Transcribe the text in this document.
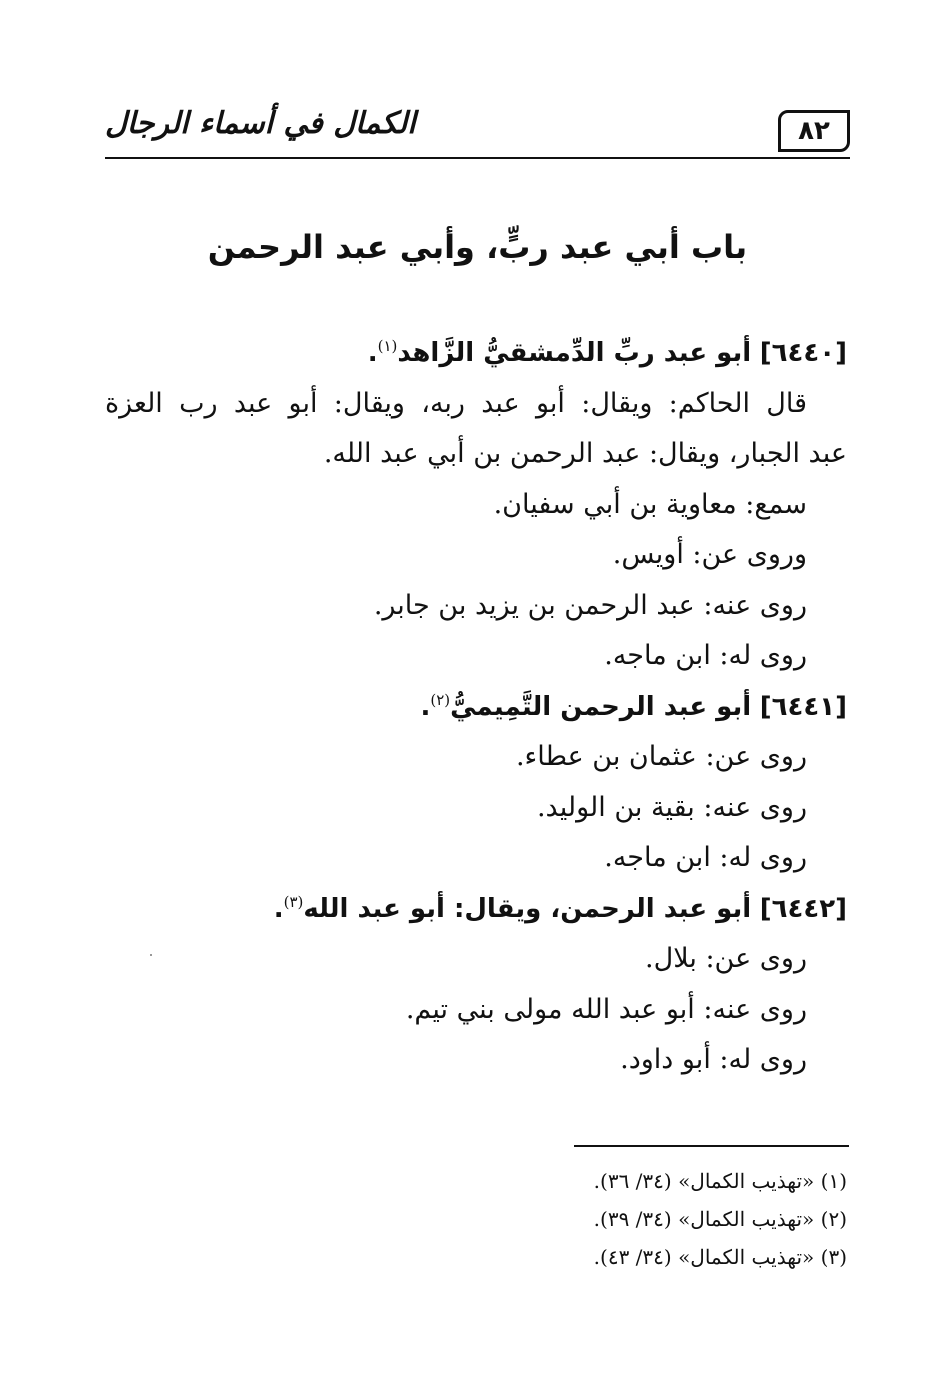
٨٢
الكمال في أسماء الرجال
باب أبي عبد ربٍّ، وأبي عبد الرحمن
[٦٤٤٠] أبو عبد ربِّ الدِّمشقيُّ الزَّاهد$^{(١)}$.
قال الحاكم: ويقال: أبو عبد ربه، ويقال: أبو عبد رب العزة
عبد الجبار، ويقال: عبد الرحمن بن أبي عبد الله.
سمع: معاوية بن أبي سفيان.
وروى عن: أويس.
روى عنه: عبد الرحمن بن يزيد بن جابر.
روى له: ابن ماجه.
[٦٤٤١] أبو عبد الرحمن التَّمِيميُّ$^{(٢)}$.
روى عن: عثمان بن عطاء.
روى عنه: بقية بن الوليد.
روى له: ابن ماجه.
[٦٤٤٢] أبو عبد الرحمن، ويقال: أبو عبد الله$^{(٣)}$.
روى عن: بلال.
روى عنه: أبو عبد الله مولى بني تيم.
روى له: أبو داود.
(١) «تهذيب الكمال» (٣٤/ ٣٦).
(٢) «تهذيب الكمال» (٣٤/ ٣٩).
(٣) «تهذيب الكمال» (٣٤/ ٤٣).
